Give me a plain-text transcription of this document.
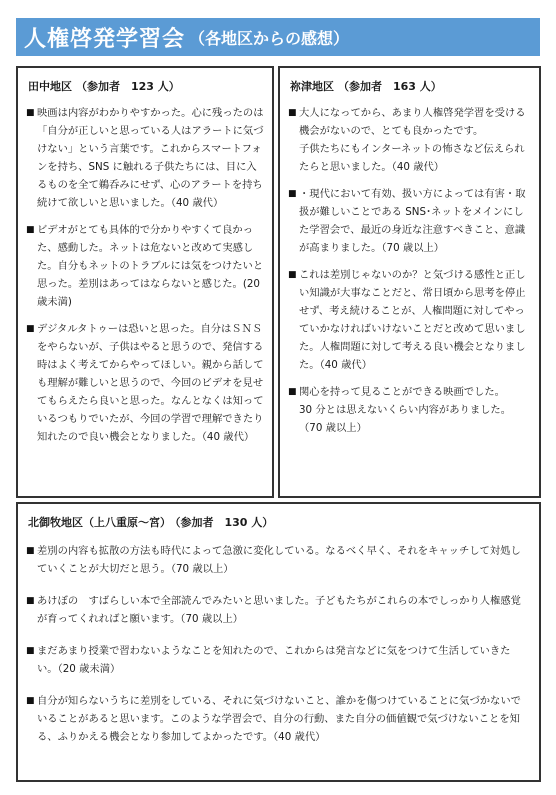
人権啓発学習会 （各地区からの感想）
田中地区 （参加者　123 人）
■ 映画は内容がわかりやすかった。心に残ったのは「自分が正しいと思っている人はアラートに気づけない」という言葉です。これからスマートフォンを持ち、SNS に触れる子供たちには、目に入るものを全て鵜呑みにせず、心のアラートを持ち続けて欲しいと思いました。（40 歳代）
■ ビデオがとても具体的で分かりやすくて良かった、感動した。ネットは危ないと改めて実感した。自分もネットのトラブルには気をつけたいと思った。差別はあってはならないと感じた。(20 歳未満)
■ デジタルタトゥーは恐いと思った。自分はＳＮＳをやらないが、子供はやると思うので、発信する時はよく考えてからやってほしい。親から話しても理解が難しいと思うので、今回のビデオを見せてもらえたら良いと思った。なんとなくは知っているつもりでいたが、今回の学習で理解できたり知れたので良い機会となりました。（40 歳代）
祢津地区 （参加者　163 人）
■ 大人になってから、あまり人権啓発学習を受ける機会がないので、とても良かったです。
子供たちにもインターネットの怖さなど伝えられたらと思いました。（40 歳代）
■ ・現代において有効、扱い方によっては有害・取扱が難しいことである SNS･ネットをメインにした学習会で、最近の身近な注意すべきこと、意識が高まりました。（70 歳以上）
■ これは差別じゃないのか？と気づける感性と正しい知識が大事なことだと、常日頃から思考を停止せず、考え続けることが、人権問題に対してやっていかなければいけないことだと改めて思いました。人権問題に対して考える良い機会となりました。（40 歳代）
■ 関心を持って見ることができる映画でした。
30 分とは思えないくらい内容がありました。
（70 歳以上）
北御牧地区（上八重原～宮） （参加者　130 人）
■ 差別の内容も拡散の方法も時代によって急激に変化している。なるべく早く、それをキャッチして対処していくことが大切だと思う。（70 歳以上）
■ あけぼの　すばらしい本で全部読んでみたいと思いました。子どもたちがこれらの本でしっかり人権感覚が育ってくれればと願います。（70 歳以上）
■ まだあまり授業で習わないようなことを知れたので、これからは発言などに気をつけて生活していきたい。（20 歳未満）
■ 自分が知らないうちに差別をしている、それに気づけないこと、誰かを傷つけていることに気づかないでいることがあると思います。このような学習会で、自分の行動、また自分の価値観で気づけないことを知る、ふりかえる機会となり参加してよかったです。（40 歳代）
